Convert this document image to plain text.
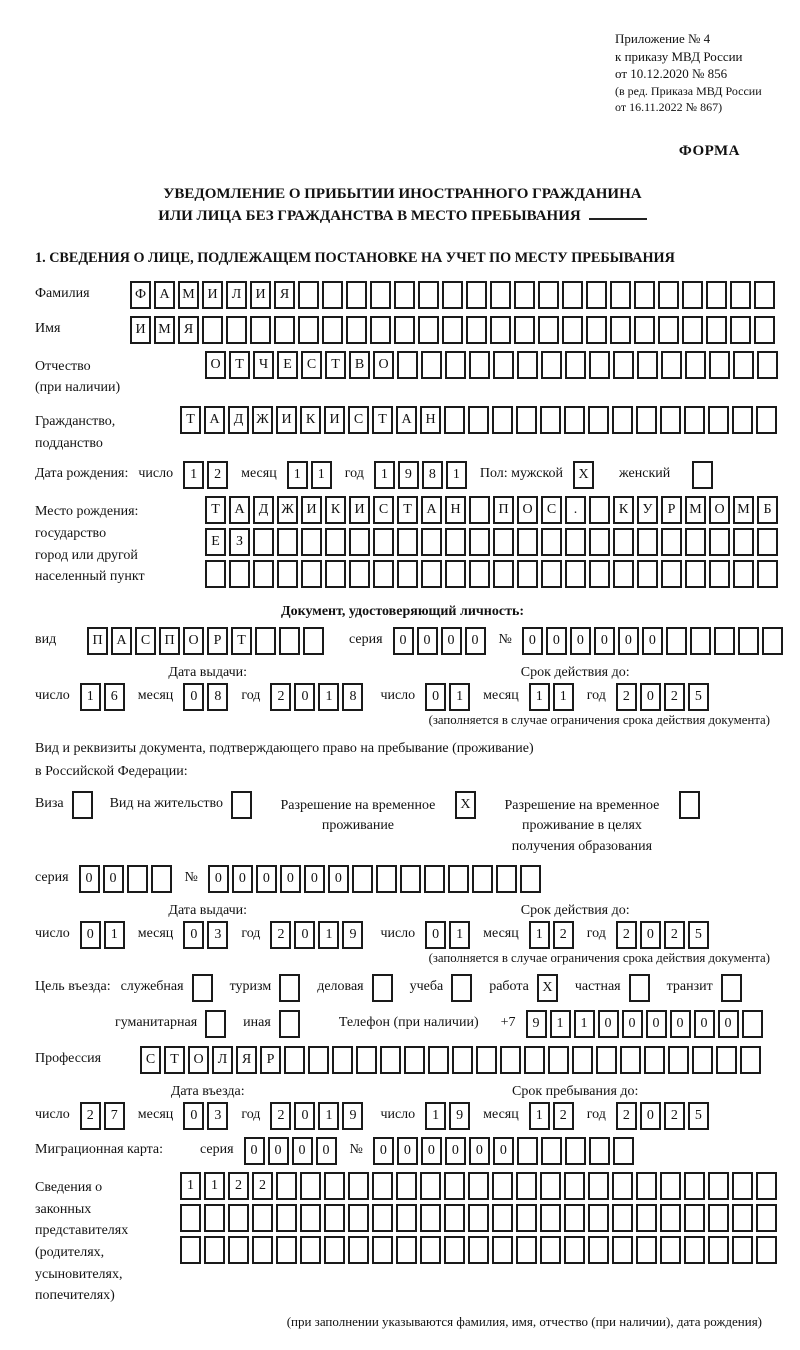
Приложение № 4
к приказу МВД России
от 10.12.2020 № 856
(в ред. Приказа МВД России
от 16.11.2022 № 867)
ФОРМА
УВЕДОМЛЕНИЕ О ПРИБЫТИИ ИНОСТРАННОГО ГРАЖДАНИНА
ИЛИ ЛИЦА БЕЗ ГРАЖДАНСТВА В МЕСТО ПРЕБЫВАНИЯ
1. СВЕДЕНИЯ О ЛИЦЕ, ПОДЛЕЖАЩЕМ ПОСТАНОВКЕ НА УЧЕТ ПО МЕСТУ ПРЕБЫВАНИЯ
Фамилия	Ф А М И	Л	И	Я
Имя	И М Я
Отчество
(при наличии)
О	Т	Ч	Е	С	Т	В	О
Гражданство,
подданство
Т	А	Д Ж И	К	И	С	Т	А Н
Дата рождения: число	1	2	месяц	1	1	год	1	9	8	1	Пол: мужской	X	женский
Место рождения:
государство
город или другой
населенный пункт
Т	А	Д Ж И	К	И	С	Т	А Н	П О	С	.	К	У	Р М О М Б
Е	З
Документ, удостоверяющий личность:
вид	П А	С	П О	Р	Т	серия	0	0	0	0	№	0	0	0	0	0	0
Дата выдачи:
число	1	6	месяц	0	8	год	2	0	1	8
Срок действия до:
число	0	1	месяц	1	1	год	2	0	2	5
(заполняется в случае ограничения срока действия документа)
Вид и реквизиты документа, подтверждающего право на пребывание (проживание)
в Российской Федерации:
Виза	Вид на жительство	Разрешение на временное проживание
X	Разрешение на временное проживание в целях получения образования
серия	0	0	№	0	0	0	0	0	0
Дата выдачи:
число	0	1	месяц	0	3	год	2	0	1	9
Срок действия до:
число	0	1	месяц	1	2	год	2	0	2	5
(заполняется в случае ограничения срока действия документа)
Цель въезда: служебная	туризм	деловая	учеба	работа X	частная	транзит
гуманитарная	иная	Телефон (при наличии) +7	9	1	1	0	0	0	0	0	0
Профессия	С	Т	О	Л	Я	Р
Дата въезда:
число	2	7	месяц	0	3	год	2	0	1	9
Срок пребывания до:
число	1	9	месяц	1	2	год	2	0	2	5
Миграционная карта:	серия	0	0	0	0	№	0	0	0	0	0	0
Сведения о
законных
представителях
(родителях,
усыновителях,
попечителях)
1	1	2	2
(при заполнении указываются фамилия, имя, отчество (при наличии), дата рождения)
